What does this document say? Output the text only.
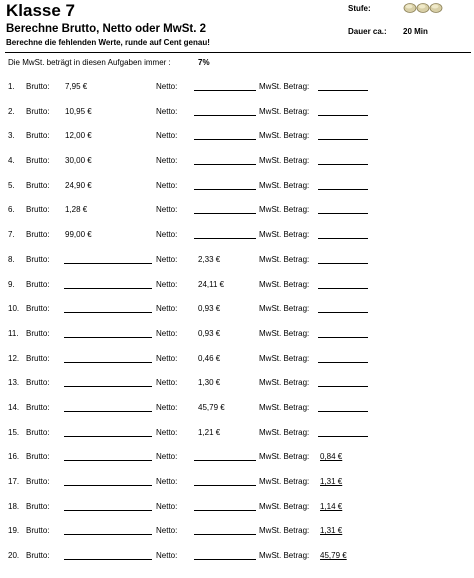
Klasse 7
Berechne Brutto, Netto oder MwSt. 2
Berechne die fehlenden Werte, runde auf Cent genau!
Stufe:
Dauer ca.: 20 Min
Die MwSt. beträgt in diesen Aufgaben immer :	7%
1. Brutto: 7,95 €	Netto:	MwSt. Betrag:
2. Brutto: 10,95 €	Netto:	MwSt. Betrag:
3. Brutto: 12,00 €	Netto:	MwSt. Betrag:
4. Brutto: 30,00 €	Netto:	MwSt. Betrag:
5. Brutto: 24,90 €	Netto:	MwSt. Betrag:
6. Brutto: 1,28 €	Netto:	MwSt. Betrag:
7. Brutto: 99,00 €	Netto:	MwSt. Betrag:
8. Brutto:	Netto:	2,33 €	MwSt. Betrag:
9. Brutto:	Netto:	24,11 €	MwSt. Betrag:
10. Brutto:	Netto:	0,93 €	MwSt. Betrag:
11. Brutto:	Netto:	0,93 €	MwSt. Betrag:
12. Brutto:	Netto:	0,46 €	MwSt. Betrag:
13. Brutto:	Netto:	1,30 €	MwSt. Betrag:
14. Brutto:	Netto:	45,79 €	MwSt. Betrag:
15. Brutto:	Netto:	1,21 €	MwSt. Betrag:
16. Brutto:	Netto:	MwSt. Betrag: 0,84 €
17. Brutto:	Netto:	MwSt. Betrag: 1,31 €
18. Brutto:	Netto:	MwSt. Betrag: 1,14 €
19. Brutto:	Netto:	MwSt. Betrag: 1,31 €
20. Brutto:	Netto:	MwSt. Betrag: 45,79 €
